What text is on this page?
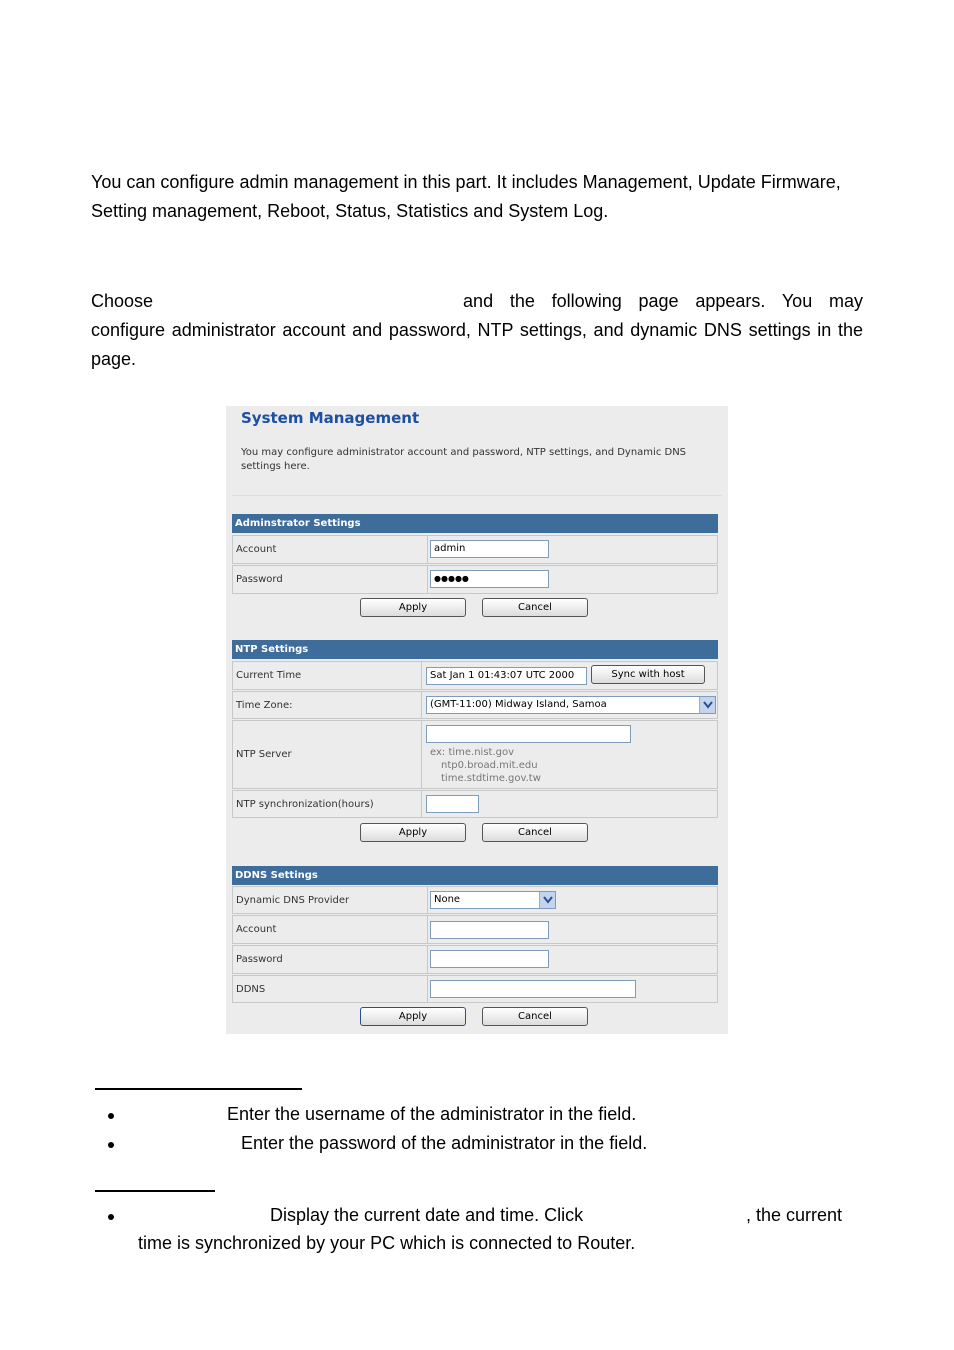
You can configure admin management in this part. It includes Management, Update Firmware, Setting management, Reboot, Status, Statistics and System Log.
Choose	and the following page appears. You may
configure administrator account and password, NTP settings, and dynamic DNS settings in the page.
System Management
You may configure administrator account and password, NTP settings, and Dynamic DNS settings here.
Adminstrator Settings
Account	admin
Password	●●●●●
Apply	Cancel
NTP Settings
Current Time	Sat Jan 1 01:43:07 UTC 2000	Sync with host
Time Zone:	(GMT-11:00) Midway Island, Samoa
NTP Server	ex: time.nist.gov
ntp0.broad.mit.edu
time.stdtime.gov.tw
NTP synchronization(hours)
Apply	Cancel
DDNS Settings
Dynamic DNS Provider	None
Account
Password
DDNS
Apply	Cancel
Enter the username of the administrator in the field.
Enter the password of the administrator in the field.
Display the current date and time. Click	, the current
time is synchronized by your PC which is connected to Router.
